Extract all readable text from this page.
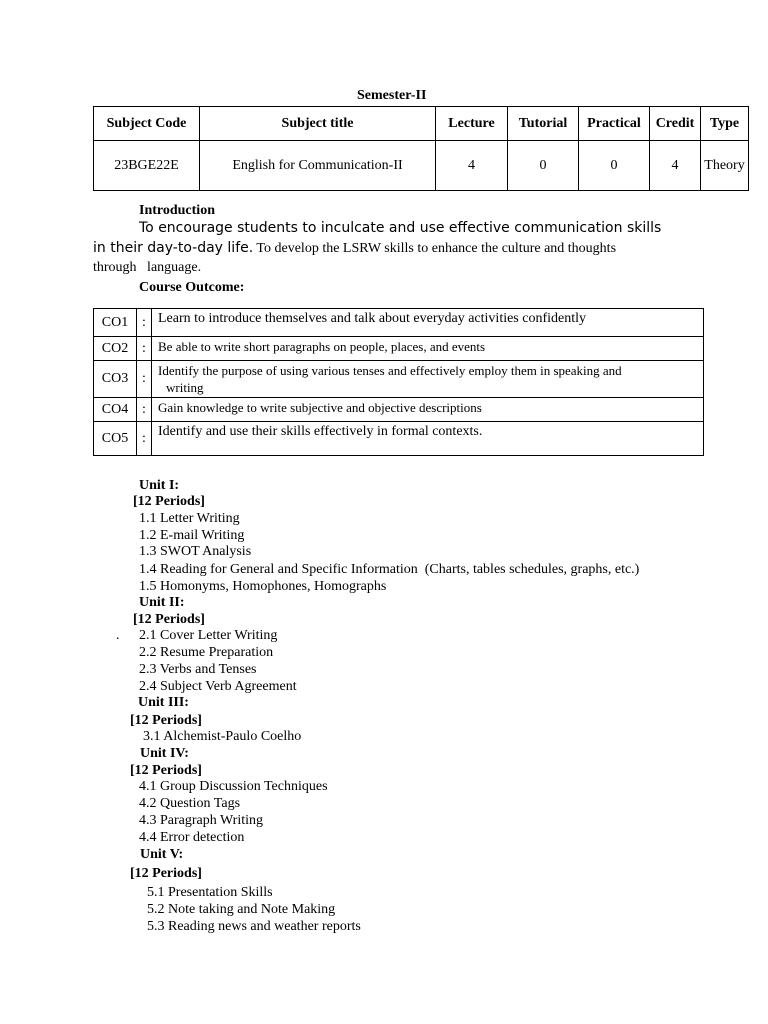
Semester-II
Subject Code	Subject title	Lecture	Tutorial	Practical	Credit	Type
23BGE22E	English for Communication-II	4	0	0	4	Theory
Introduction
To encourage students to inculcate and use effective communication skills
in their day-to-day life. To develop the LSRW skills to enhance the culture and thoughts
through   language.
Course Outcome:
CO1	:	Learn to introduce themselves and talk about everyday activities confidently
CO2	:	Be able to write short paragraphs on people, places, and events
CO3	:	Identify the purpose of using various tenses and effectively employ them in speaking and
writing

CO4	:	Gain knowledge to write subjective and objective descriptions
CO5	:	Identify and use their skills effectively in formal contexts.
Unit I:
[12 Periods]
1.1 Letter Writing
1.2 E-mail Writing
1.3 SWOT Analysis
1.4 Reading for General and Specific Information  (Charts, tables schedules, graphs, etc.)
1.5 Homonyms, Homophones, Homographs
Unit II:
[12 Periods]
. 2.1 Cover Letter Writing
2.2 Resume Preparation
2.3 Verbs and Tenses
2.4 Subject Verb Agreement
Unit III:
[12 Periods]
3.1 Alchemist-Paulo Coelho
Unit IV:
[12 Periods]
4.1 Group Discussion Techniques
4.2 Question Tags
4.3 Paragraph Writing
4.4 Error detection
Unit V:
[12 Periods]
5.1 Presentation Skills
5.2 Note taking and Note Making
5.3 Reading news and weather reports
